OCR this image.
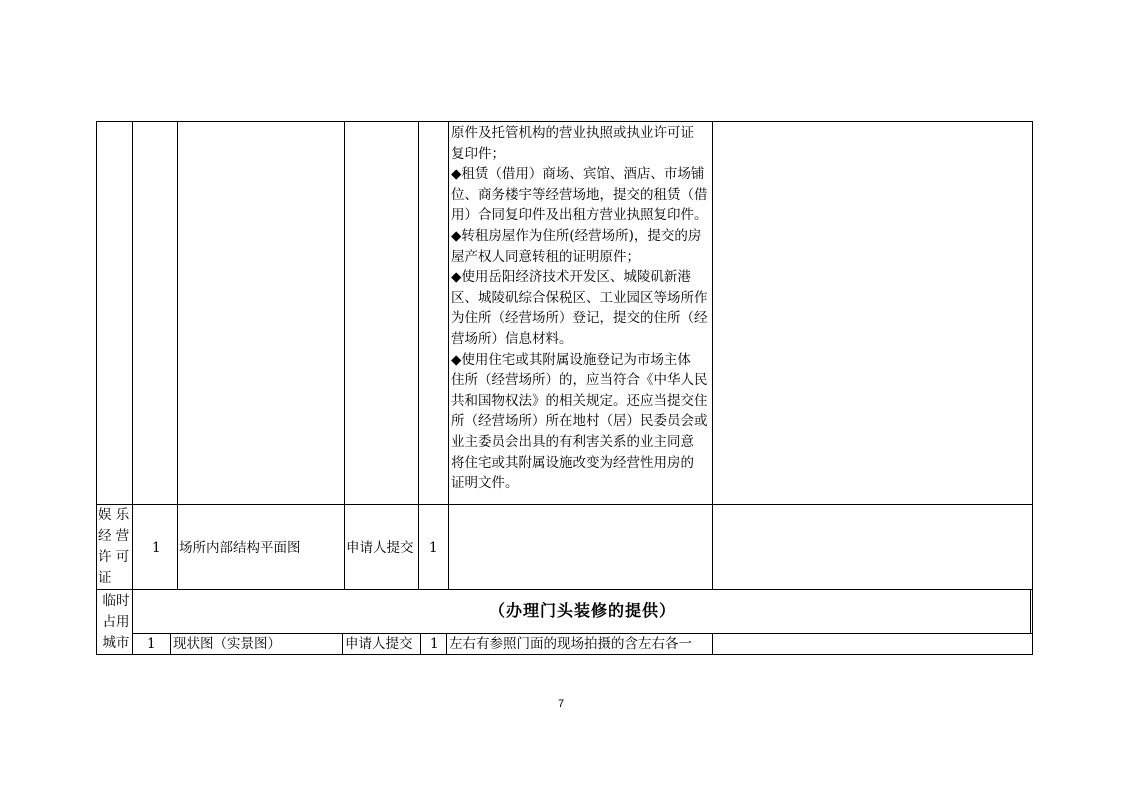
原件及托管机构的营业执照或执业许可证
复印件；
◆租赁（借用）商场、宾馆、酒店、市场铺
位、商务楼宇等经营场地，提交的租赁（借
用）合同复印件及出租方营业执照复印件。
◆转租房屋作为住所(经营场所)，提交的房
屋产权人同意转租的证明原件；
◆使用岳阳经济技术开发区、城陵矶新港
区、城陵矶综合保税区、工业园区等场所作
为住所（经营场所）登记，提交的住所（经
营场所）信息材料。
◆使用住宅或其附属设施登记为市场主体
住所（经营场所）的，应当符合《中华人民
共和国物权法》的相关规定。还应当提交住
所（经营场所）所在地村（居）民委员会或
业主委员会出具的有利害关系的业主同意
将住宅或其附属设施改变为经营性用房的
证明文件。
娱 乐
经 营
许 可
证
1 场所内部结构平面图	申请人提交 1
临时
占用
城市
（办理门头装修的提供）
1 现状图（实景图）	申请人提交 1 左右有参照门面的现场拍摄的含左右各一
7
